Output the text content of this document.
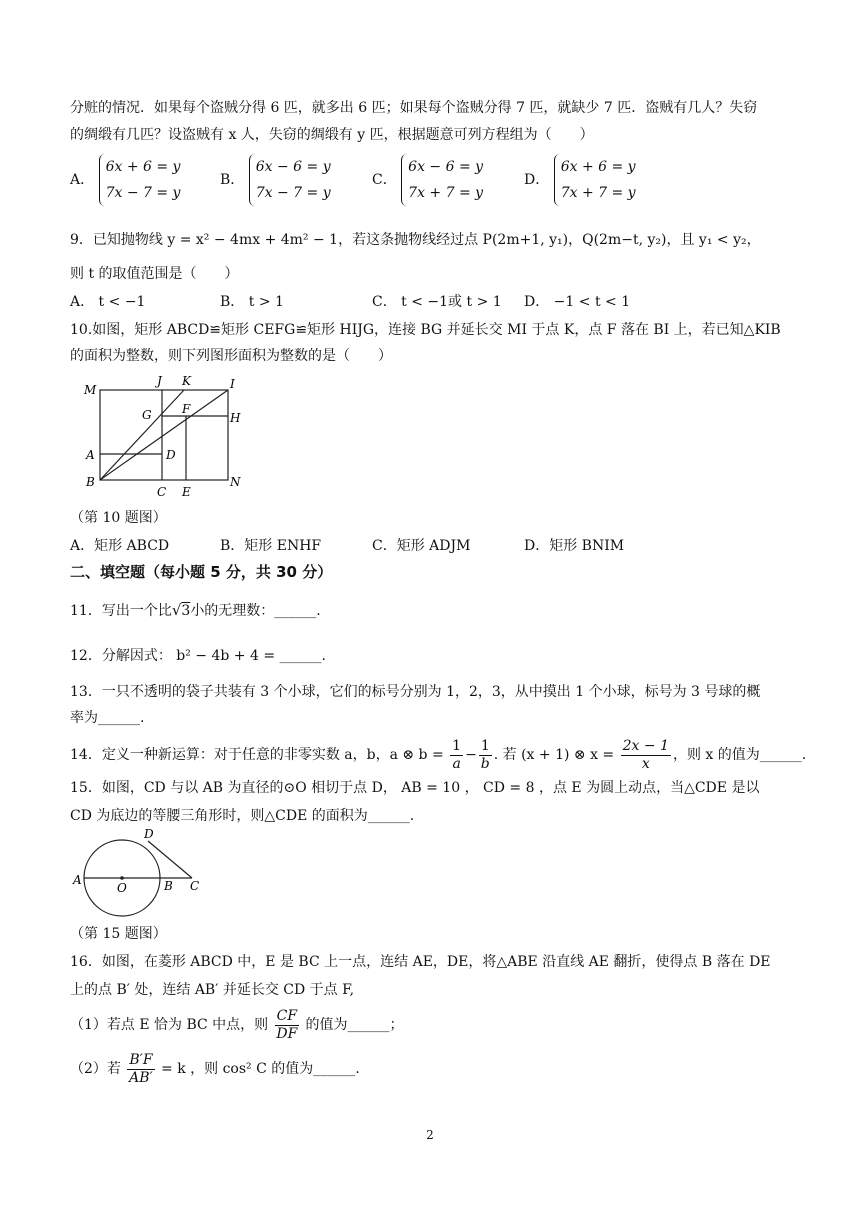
分赃的情况．如果每个盗贼分得 6 匹，就多出 6 匹；如果每个盗贼分得 7 匹，就缺少 7 匹．盗贼有几人？失窃
的绸缎有几匹？设盗贼有 x 人，失窃的绸缎有 y 匹，根据题意可列方程组为（　　）
A． 6x + 6 = y
7x − 7 = y
B． 6x − 6 = y
7x − 7 = y
C． 6x − 6 = y
7x + 7 = y
D． 6x + 6 = y
7x + 7 = y
9．已知抛物线 y = x² − 4mx + 4m² − 1，若这条抛物线经过点 P(2m+1, y₁)，Q(2m−t, y₂)，且 y₁ < y₂，
则 t 的取值范围是（　　）
A． t < −1	B． t > 1	C． t < −1或 t > 1 D． −1 < t < 1
10.如图，矩形 ABCD≌矩形 CEFG≌矩形 HIJG，连接 BG 并延长交 MI 于点 K，点 F 落在 BI 上，若已知△KIB
的面积为整数，则下列图形面积为整数的是（　　）
M
J K	I
G	F
H
A	D
B
C E
N
（第 10 题图）
A．矩形 ABCD	B．矩形 ENHF	C．矩形 ADJM	D．矩形 BNIM
二、填空题（每小题 5 分，共 30 分）
11．写出一个比√3小的无理数：______.
12．分解因式： b² − 4b + 4 = ______.
13．一只不透明的袋子共装有 3 个小球，它们的标号分别为 1，2，3，从中摸出 1 个小球，标号为 3 号球的概
率为______.
14．定义一种新运算：对于任意的非零实数 a，b，a ⊗ $b = \frac{1}{a} - \frac{1}{b}$ . 若 (x + 1) ⊗ $x = \frac{2x - 1}{x}$ ，则 x 的值为______.
15．如图，CD 与以 AB 为直径的⊙O 相切于点 D， AB = 10 ， CD = 8 ，点 E 为圆上动点，当△CDE 是以
CD 为底边的等腰三角形时，则△CDE 的面积为______.
D
A
O	B C
（第 15 题图）
16．如图，在菱形 ABCD 中，E 是 BC 上一点，连结 AE，DE，将△ABE 沿直线 AE 翻折，使得点 B 落在 DE
上的点 B′ 处，连结 AB′ 并延长交 CD 于点 F,
（1）若点 E 恰为 BC 中点，则 $\frac{CF}{DF}$ 的值为______；
（2）若 $\frac{B'F}{AB'} = k$ ，则 cos² C 的值为______.
2
